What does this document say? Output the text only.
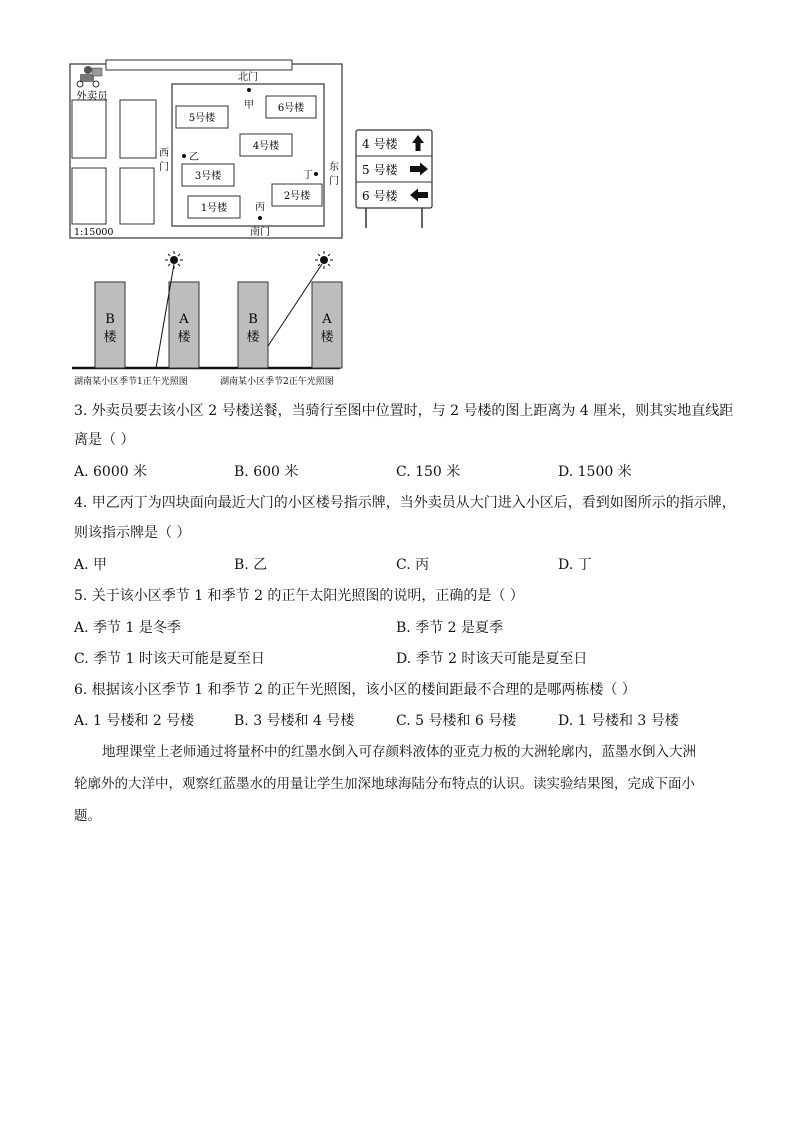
5号楼
6号楼
4号楼
3号楼
2号楼
1号楼
北门
南门
西
门	东
门
甲
乙
丙
丁
外卖员
1:15000
4 号楼
5 号楼
6 号楼
B
楼
A
楼
B
楼
A
楼
湖南某小区季节1正午光照图	湖南某小区季节2正午光照图
3. 外卖员要去该小区 2 号楼送餐，当骑行至图中位置时，与 2 号楼的图上距离为 4 厘米，则其实地直线距
离是（ ）
A. 6000 米	B. 600 米	C. 150 米	D. 1500 米
4. 甲乙丙丁为四块面向最近大门的小区楼号指示牌，当外卖员从大门进入小区后，看到如图所示的指示牌，
则该指示牌是（ ）
A. 甲	B. 乙	C. 丙	D. 丁
5. 关于该小区季节 1 和季节 2 的正午太阳光照图的说明，正确的是（ ）
A. 季节 1 是冬季	B. 季节 2 是夏季
C. 季节 1 时该天可能是夏至日	D. 季节 2 时该天可能是夏至日
6. 根据该小区季节 1 和季节 2 的正午光照图，该小区的楼间距最不合理的是哪两栋楼（ ）
A. 1 号楼和 2 号楼	B. 3 号楼和 4 号楼	C. 5 号楼和 6 号楼	D. 1 号楼和 3 号楼
地理课堂上老师通过将量杯中的红墨水倒入可存颜料液体的亚克力板的大洲轮廓内，蓝墨水倒入大洲
轮廓外的大洋中，观察红蓝墨水的用量让学生加深地球海陆分布特点的认识。读实验结果图，完成下面小
题。
